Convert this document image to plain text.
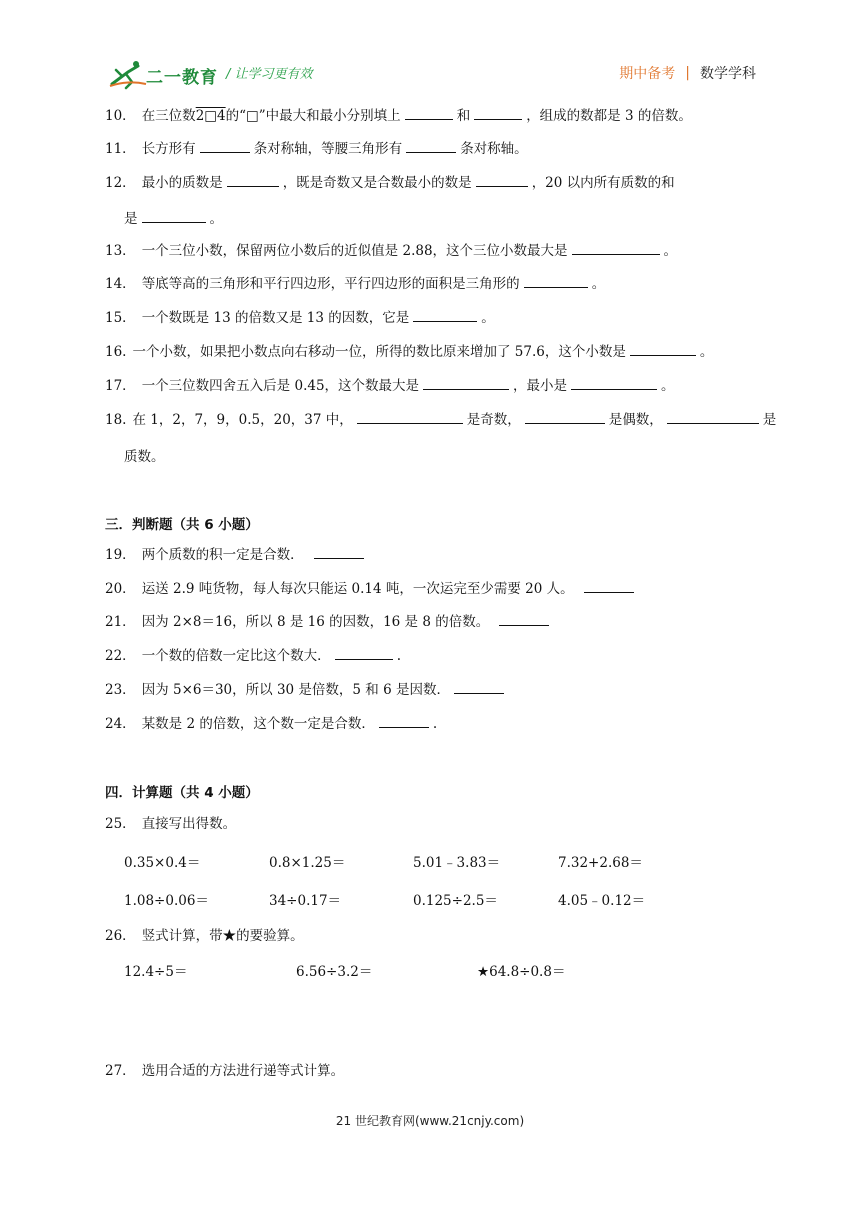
二一教育 / 让学习更有效	期中备考 | 数学学科
10． 在三位数2□4的“□”中最大和最小分别填上	和	，组成的数都是 3 的倍数。
11． 长方形有	条对称轴，等腰三角形有	条对称轴。
12． 最小的质数是	，既是奇数又是合数最小的数是	，20 以内所有质数的和
是	。
13． 一个三位小数，保留两位小数后的近似值是 2.88，这个三位小数最大是	。
14． 等底等高的三角形和平行四边形，平行四边形的面积是三角形的	。
15． 一个数既是 13 的倍数又是 13 的因数，它是	。
16. 一个小数，如果把小数点向右移动一位，所得的数比原来增加了 57.6，这个小数是	。
17． 一个三位数四舍五入后是 0.45，这个数最大是	，最小是	。
18. 在 1，2，7，9，0.5，20，37 中，	是奇数，	是偶数，	是
质数。
三．判断题（共 6 小题）
19． 两个质数的积一定是合数．
20． 运送 2.9 吨货物，每人每次只能运 0.14 吨，一次运完至少需要 20 人。
21． 因为 2×8＝16，所以 8 是 16 的因数，16 是 8 的倍数。
22． 一个数的倍数一定比这个数大．	.
23． 因为 5×6＝30，所以 30 是倍数，5 和 6 是因数．
24． 某数是 2 的倍数，这个数一定是合数．	.
四．计算题（共 4 小题）
25． 直接写出得数。
0.35×0.4＝	0.8×1.25＝	5.01﹣3.83＝	7.32+2.68＝
1.08÷0.06＝	34÷0.17＝	0.125÷2.5＝	4.05﹣0.12＝
26． 竖式计算，带★的要验算。
12.4÷5＝	6.56÷3.2＝	★64.8÷0.8＝
27． 选用合适的方法进行递等式计算。
21 世纪教育网(www.21cnjy.com)
